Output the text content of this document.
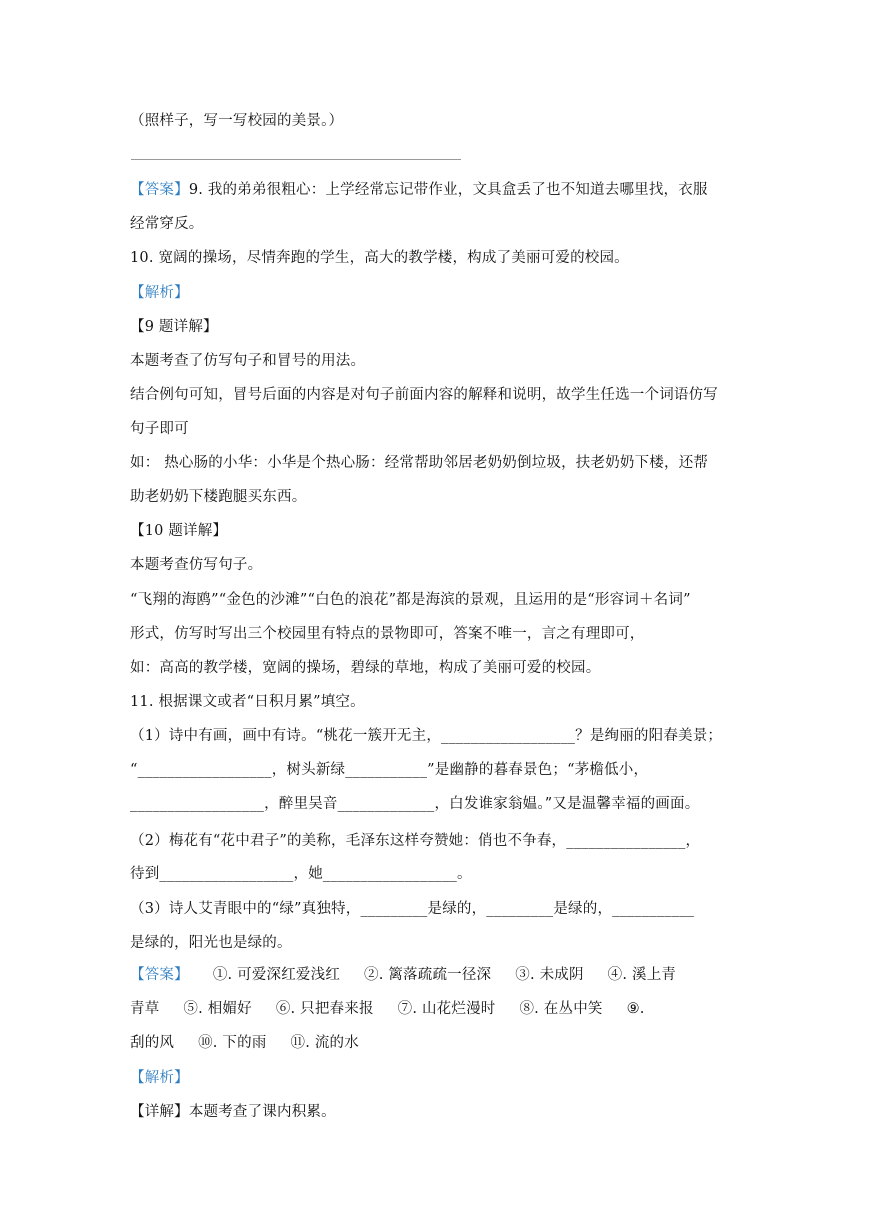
（照样子，写一写校园的美景。）
【答案】9. 我的弟弟很粗心：上学经常忘记带作业，文具盒丢了也不知道去哪里找，衣服
经常穿反。
10. 宽阔的操场，尽情奔跑的学生，高大的教学楼，构成了美丽可爱的校园。
【解析】
【9 题详解】
本题考查了仿写句子和冒号的用法。
结合例句可知，冒号后面的内容是对句子前面内容的解释和说明，故学生任选一个词语仿写
句子即可
如： 热心肠的小华：小华是个热心肠：经常帮助邻居老奶奶倒垃圾，扶老奶奶下楼，还帮
助老奶奶下楼跑腿买东西。
【10 题详解】
本题考查仿写句子。
“飞翔的海鸥”“金色的沙滩”“白色的浪花”都是海滨的景观，且运用的是“形容词＋名词”
形式，仿写时写出三个校园里有特点的景物即可，答案不唯一，言之有理即可，
如：高高的教学楼，宽阔的操场，碧绿的草地，构成了美丽可爱的校园。
11. 根据课文或者“日积月累”填空。
（1）诗中有画，画中有诗。“桃花一簇开无主，__________________？是绚丽的阳春美景；
“__________________，树头新绿___________”是幽静的暮春景色；“茅檐低小，
__________________，醉里吴音_____________，白发谁家翁媪。”又是温馨幸福的画面。
（2）梅花有“花中君子”的美称，毛泽东这样夸赞她：俏也不争春，________________，
待到__________________，她__________________。
（3）诗人艾青眼中的“绿”真独特，_________是绿的，_________是绿的，___________
是绿的，阳光也是绿的。
【答案】 ①. 可爱深红爱浅红 ②. 篱落疏疏一径深 ③. 未成阴 ④. 溪上青
青草 ⑤. 相媚好 ⑥. 只把春来报 ⑦. 山花烂漫时 ⑧. 在丛中笑 ⑨.
刮的风 ⑩. 下的雨 ⑪. 流的水
【解析】
【详解】本题考查了课内积累。
